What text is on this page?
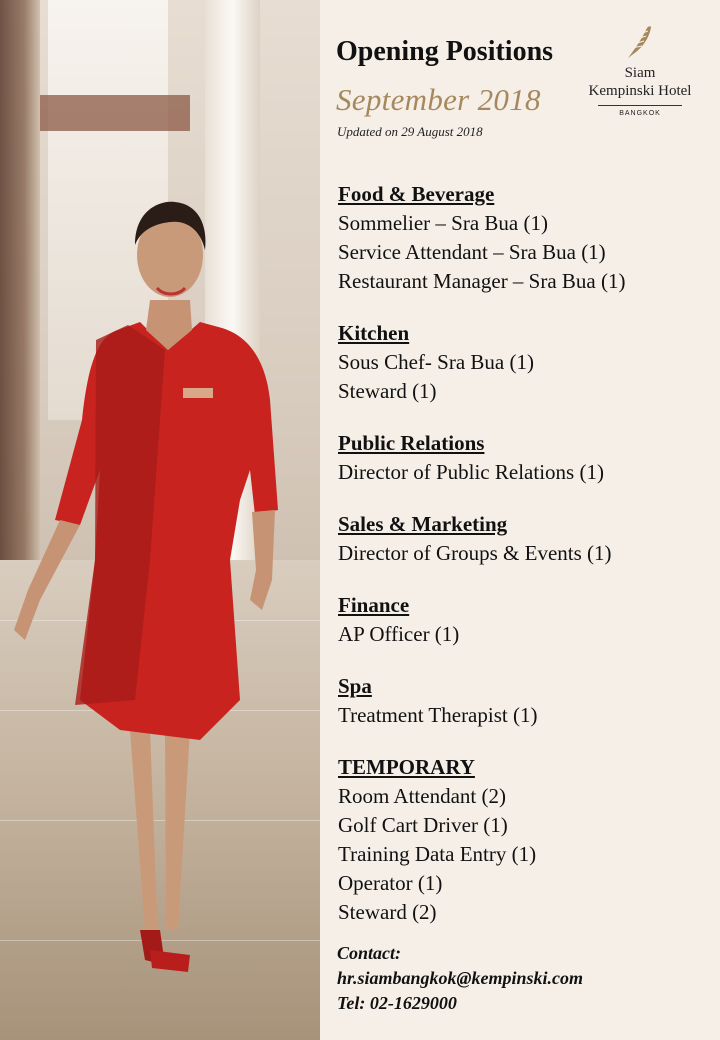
Opening Positions
September 2018
Updated on 29 August 2018
Siam
Kempinski Hotel
BANGKOK
Food & Beverage
Sommelier – Sra Bua (1)
Service Attendant – Sra Bua (1)
Restaurant Manager – Sra Bua (1)
Kitchen
Sous Chef- Sra Bua (1)
Steward (1)
Public Relations
Director of Public Relations (1)
Sales & Marketing
Director of Groups & Events (1)
Finance
AP Officer (1)
Spa
Treatment Therapist (1)
TEMPORARY
Room Attendant (2)
Golf Cart Driver (1)
Training Data Entry (1)
Operator (1)
Steward (2)
Contact:
hr.siambangkok@kempinski.com
Tel: 02-1629000
